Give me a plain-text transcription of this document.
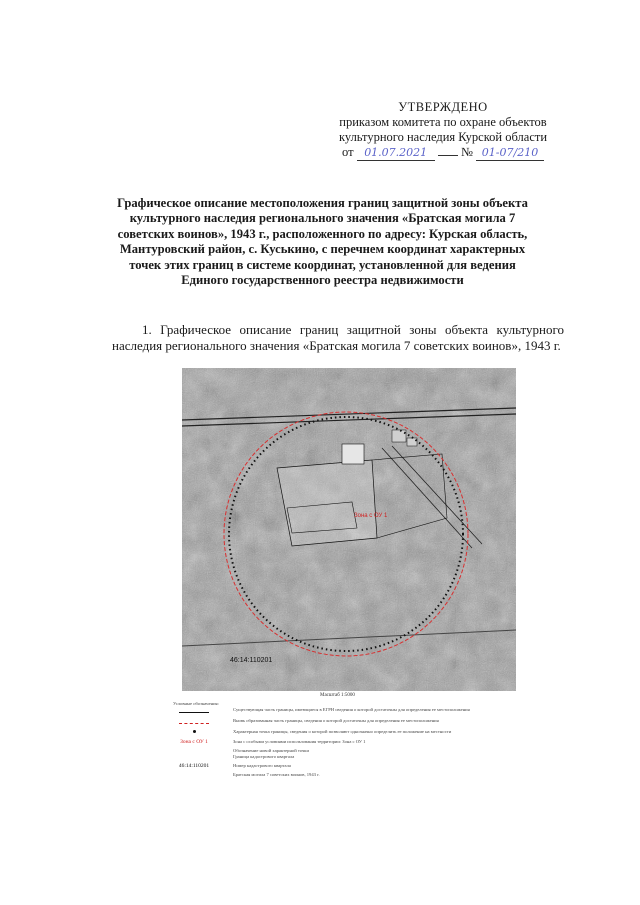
УТВЕРЖДЕНО
приказом комитета по охране объектов
культурного наследия Курской области
от 01.07.2021	№ 01-07/210
Графическое описание местоположения границ защитной зоны объекта культурного наследия регионального значения «Братская могила 7 советских воинов», 1943 г., расположенного по адресу: Курская область, Мантуровский район, с. Куськино, с перечнем координат характерных точек этих границ в системе координат, установленной для ведения Единого государственного реестра недвижимости
1. Графическое описание границ защитной зоны объекта культурного наследия регионального значения «Братская могила 7 советских воинов», 1943 г.
Зона с ОУ 1
46:14:110201
Масштаб 1:5000
Условные обозначения:
Существующая часть границы, имеющиеся в ЕГРН сведения о которой достаточны для определения ее местоположения
Вновь образованная часть границы, сведения о которой достаточны для определения ее местоположения
Характерная точка границы, сведения о которой позволяют однозначно определить ее положение на местности
Зона с ОУ 1	Зона с особыми условиями использования территории: Зона с ОУ 1
Обозначение новой характерной точки
Граница кадастрового квартала
46:14:110201	Номер кадастрового квартала
Братская могила 7 советских воинов, 1943 г.
